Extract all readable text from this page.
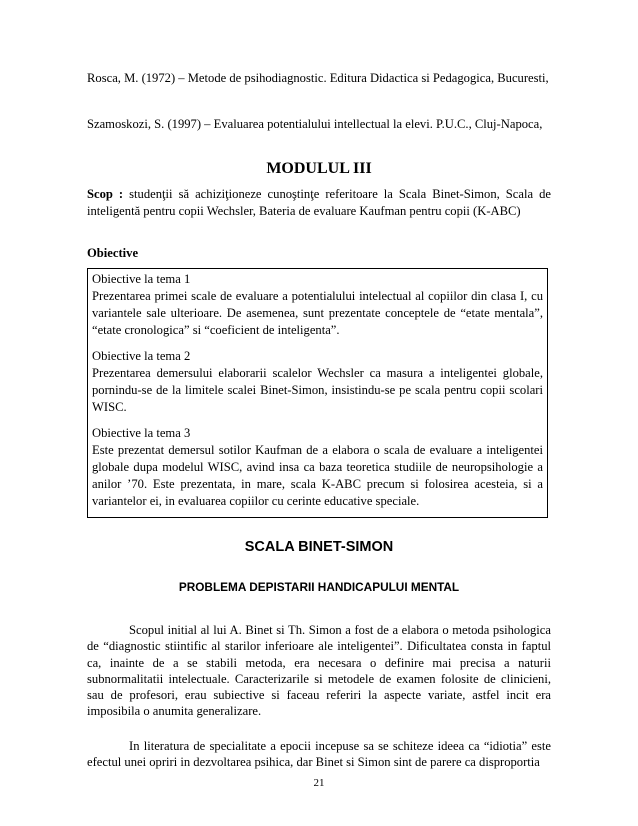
Rosca, M. (1972) – Metode de psihodiagnostic. Editura Didactica si Pedagogica, Bucuresti,

Szamoskozi, S. (1997) – Evaluarea potentialului intellectual la elevi. P.U.C., Cluj-Napoca,

MODULUL III

Scop : studenţii să achiziţioneze cunoştinţe referitoare la Scala Binet-Simon, Scala de inteligentă pentru copii Wechsler, Bateria de evaluare Kaufman pentru copii (K-ABC)

Obiective

Obiective la tema 1
Prezentarea primei scale de evaluare a potentialului intelectual al copiilor din clasa I, cu variantele sale ulterioare. De asemenea, sunt prezentate conceptele de “etate mentala”, “etate cronologica” si “coeficient de inteligenta”.

Obiective la tema 2
Prezentarea demersului elaborarii scalelor Wechsler ca masura a inteligentei globale, pornindu-se de la limitele scalei Binet-Simon, insistindu-se pe scala pentru copii scolari WISC.

Obiective la tema 3
Este prezentat demersul sotilor Kaufman de a elabora o scala de evaluare a inteligentei globale dupa modelul WISC, avind insa ca baza teoretica studiile de neuropsihologie a anilor ’70. Este prezentata, in mare, scala K-ABC precum si folosirea acesteia, si a variantelor ei, in evaluarea copiilor cu cerinte educative speciale.

SCALA BINET-SIMON
PROBLEMA DEPISTARII HANDICAPULUI MENTAL

Scopul initial al lui A. Binet si Th. Simon a fost de a elabora o metoda psihologica de “diagnostic stiintific al starilor inferioare ale inteligentei”. Dificultatea consta in faptul ca, inainte de a se stabili metoda, era necesara o definire mai precisa a naturii subnormalitatii intelectuale. Caracterizarile si metodele de examen folosite de clinicieni, sau de profesori, erau subiective si faceau referiri la aspecte variate, astfel incit era imposibila o anumita generalizare.

In literatura de specialitate a epocii incepuse sa se schiteze ideea ca “idiotia” este efectul unei opriri in dezvoltarea psihica, dar Binet si Simon sint de parere ca disproportia

21
